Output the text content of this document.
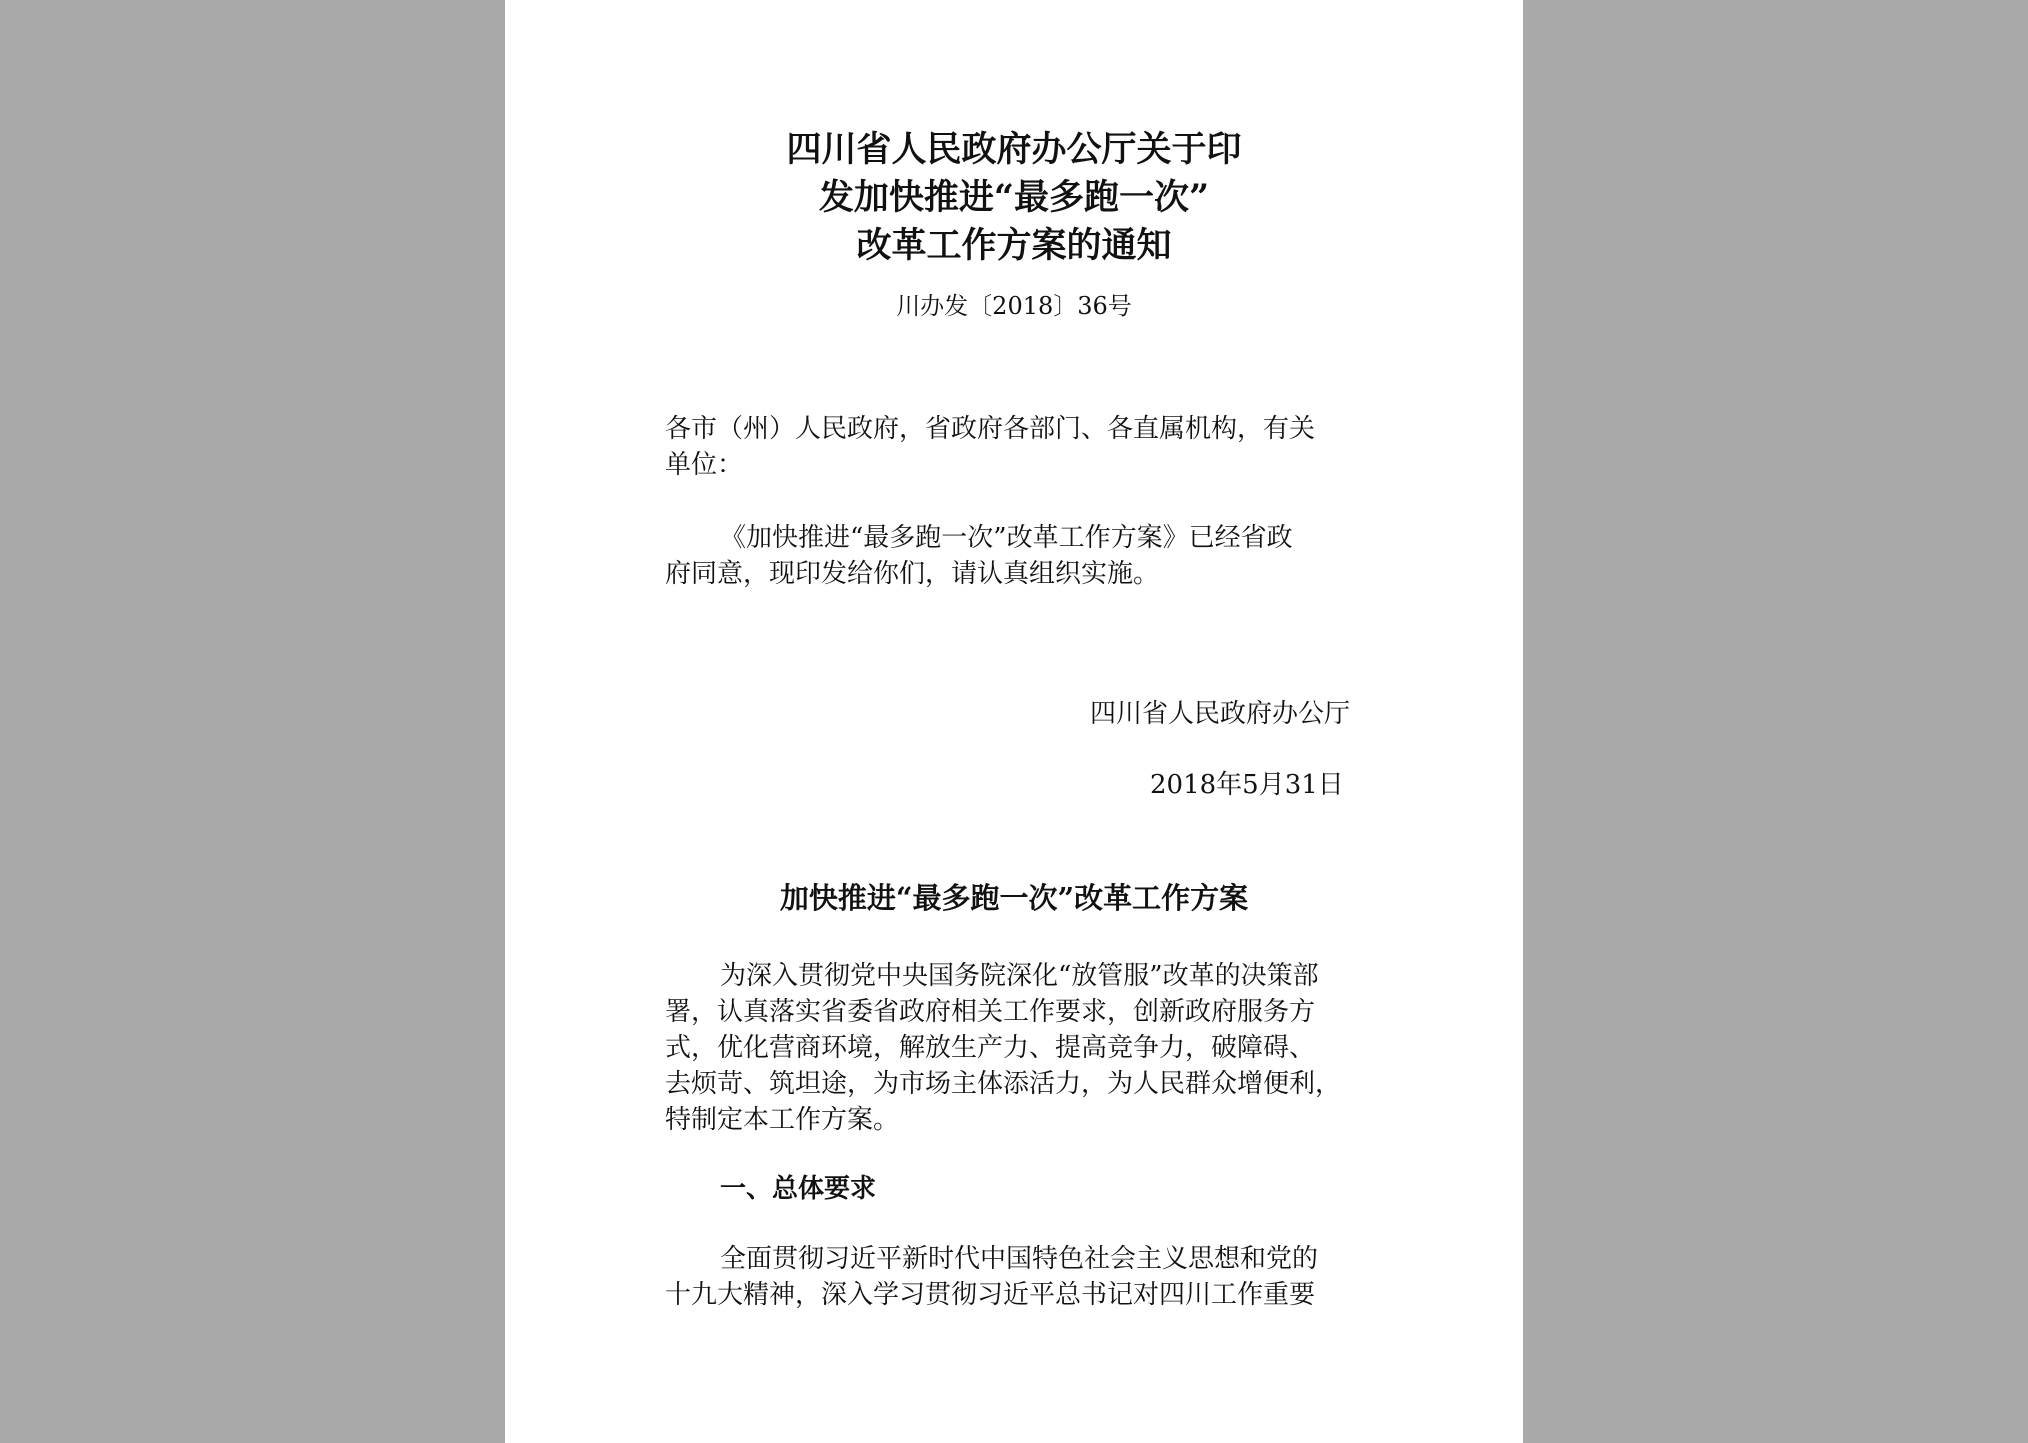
四川省人民政府办公厅关于印
发加快推进“最多跑一次”
改革工作方案的通知
川办发〔2018〕36号
各市（州）人民政府，省政府各部门、各直属机构，有关
单位：
《加快推进“最多跑一次”改革工作方案》已经省政
府同意，现印发给你们，请认真组织实施。
四川省人民政府办公厅
2018年5月31日
加快推进“最多跑一次”改革工作方案
为深入贯彻党中央国务院深化“放管服”改革的决策部
署，认真落实省委省政府相关工作要求，创新政府服务方
式，优化营商环境，解放生产力、提高竞争力，破障碍、
去烦苛、筑坦途，为市场主体添活力，为人民群众增便利，
特制定本工作方案。
一、总体要求
全面贯彻习近平新时代中国特色社会主义思想和党的
十九大精神，深入学习贯彻习近平总书记对四川工作重要
